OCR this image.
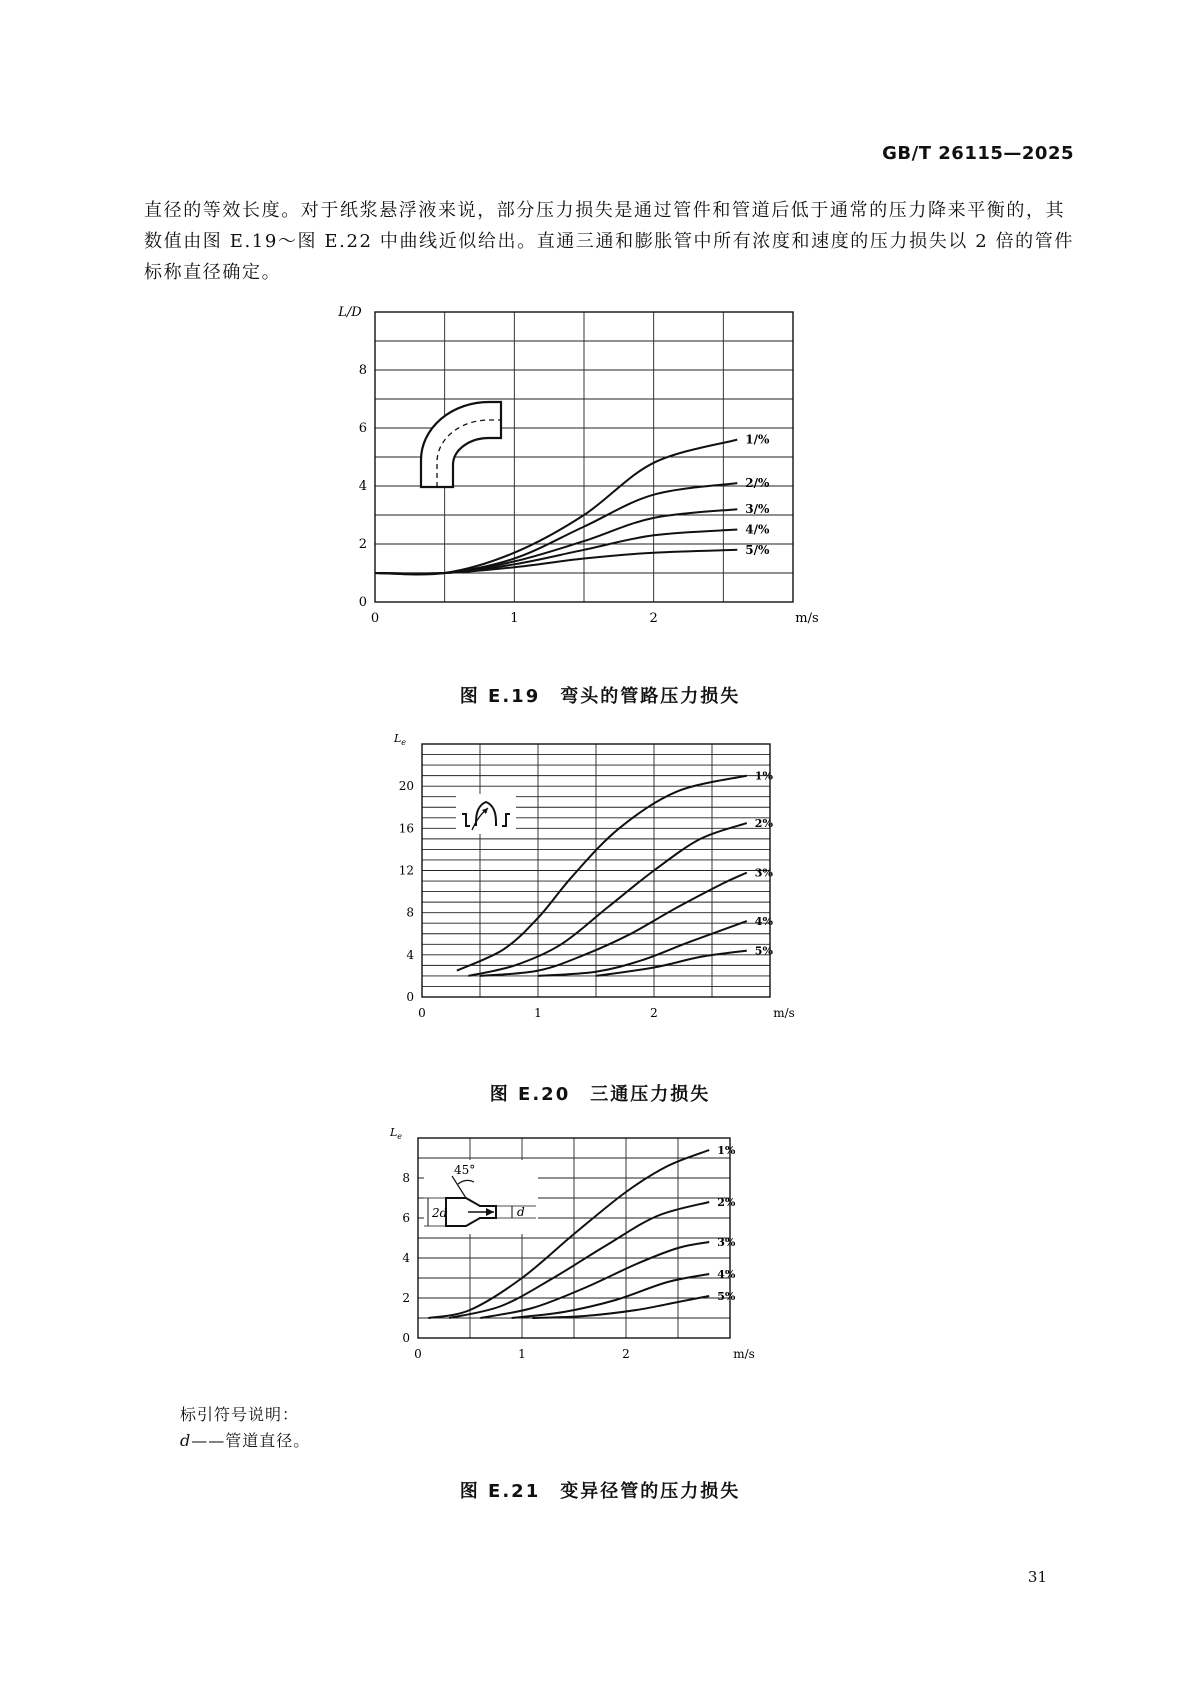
GB/T 26115—2025

直径的等效长度。对于纸浆悬浮液来说，部分压力损失是通过管件和管道后低于通常的压力降来平衡的，其数值由图 E.19～图 E.22 中曲线近似给出。直通三通和膨胀管中所有浓度和速度的压力损失以 2 倍的管件标称直径确定。

0
2
4
6
8
0	1	2
L/D
m/s
1/%
2/%
3/%
4/%
5/%
图 E.19　弯头的管路压力损失
0
4
8
12
16
20
0	1	2
$L_e$
m/s
1%
2%
3%
4%
5%
图 E.20　三通压力损失
0
2
4
6
8
0	1	2
$L_e$
m/s
1%
2%
3%
4%
5%
45°
2d	d
标引符号说明：
d——管道直径。
图 E.21　变异径管的压力损失
31
